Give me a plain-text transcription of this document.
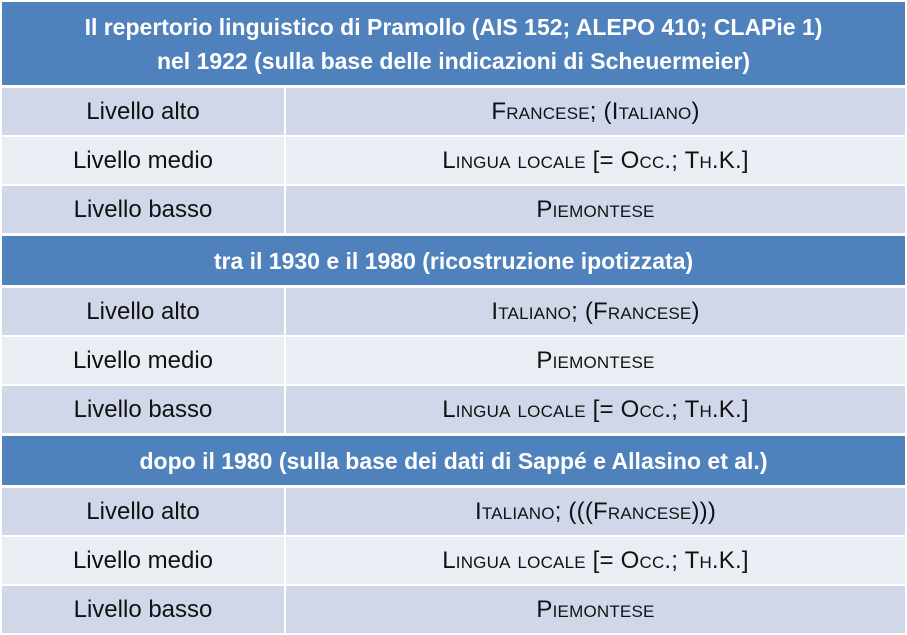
Il repertorio linguistico di Pramollo (AIS 152; ALEPO 410; CLAPie 1)
nel 1922 (sulla base delle indicazioni di Scheuermeier)
Livello alto	Francese; (Italiano)
Livello medio	Lingua locale [= Occ.; Th.K.]
Livello basso	Piemontese
tra il 1930 e il 1980 (ricostruzione ipotizzata)
Livello alto	Italiano; (Francese)
Livello medio	Piemontese
Livello basso	Lingua locale [= Occ.; Th.K.]
dopo il 1980 (sulla base dei dati di Sappé e Allasino et al.)
Livello alto	Italiano; (((Francese)))
Livello medio	Lingua locale [= Occ.; Th.K.]
Livello basso	Piemontese
